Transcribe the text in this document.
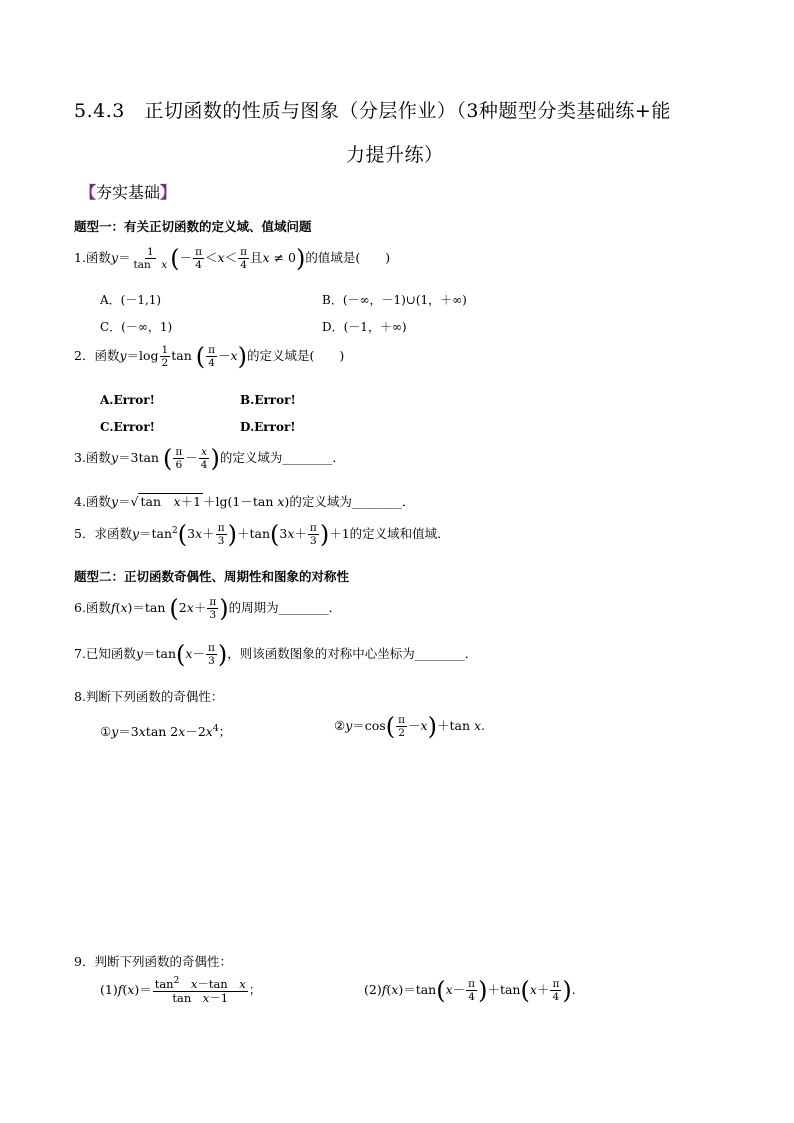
5.4.3　正切函数的性质与图象（分层作业）（3种题型分类基础练+能
力提升练）
【夯实基础】
题型一：有关正切函数的定义域、值域问题
1.函数$y= \frac{1}{\text{tan　x}}$ (－ $\frac{\pi}{4} <x< \frac{\pi}{4}$ 且x ≠ 0)的值域是(　　)
A．(－1,1)	B．(－∞，－1)∪(1，＋∞)
C．(－∞，1)	D．(－1，＋∞)
2．函数$y=\log \frac{1}{2}$ tan ( $\frac{\pi}{4} -x$)的定义域是(　　)
A.Error!	B.Error!
C.Error!	D.Error!
3.函数y＝3tan ( $\frac{\pi}{6} - \frac{x}{4}$ )的定义域为________．
4.函数y＝√ tan　x＋1 ＋lg(1－tan x)的定义域为________．
5．求函数$y=\tan^2(3x+ \frac{\pi}{3} )+\tan(3x+ \frac{\pi}{3} )+1$的定义域和值域．
题型二：正切函数奇偶性、周期性和图象的对称性
6.函数f(x)＝tan ($2x+ \frac{\pi}{3}$ )的周期为________．
7.已知函数$y=\tan(x- \frac{\pi}{3}$ )，则该函数图象的对称中心坐标为________．
8.判断下列函数的奇偶性：
①y＝3xtan $2x-2x^4$；	②y＝cos( $\frac{\pi}{2} -x)+\tan$ x.
9．判断下列函数的奇偶性：
$(1)f(x)= \frac{\tan^2 x-\tan x}{\text{tan　x－1}}$ ；	$(2)f(x)=\tan(x- \frac{\pi}{4} )+\tan(x+ \frac{\pi}{4}$ ).
